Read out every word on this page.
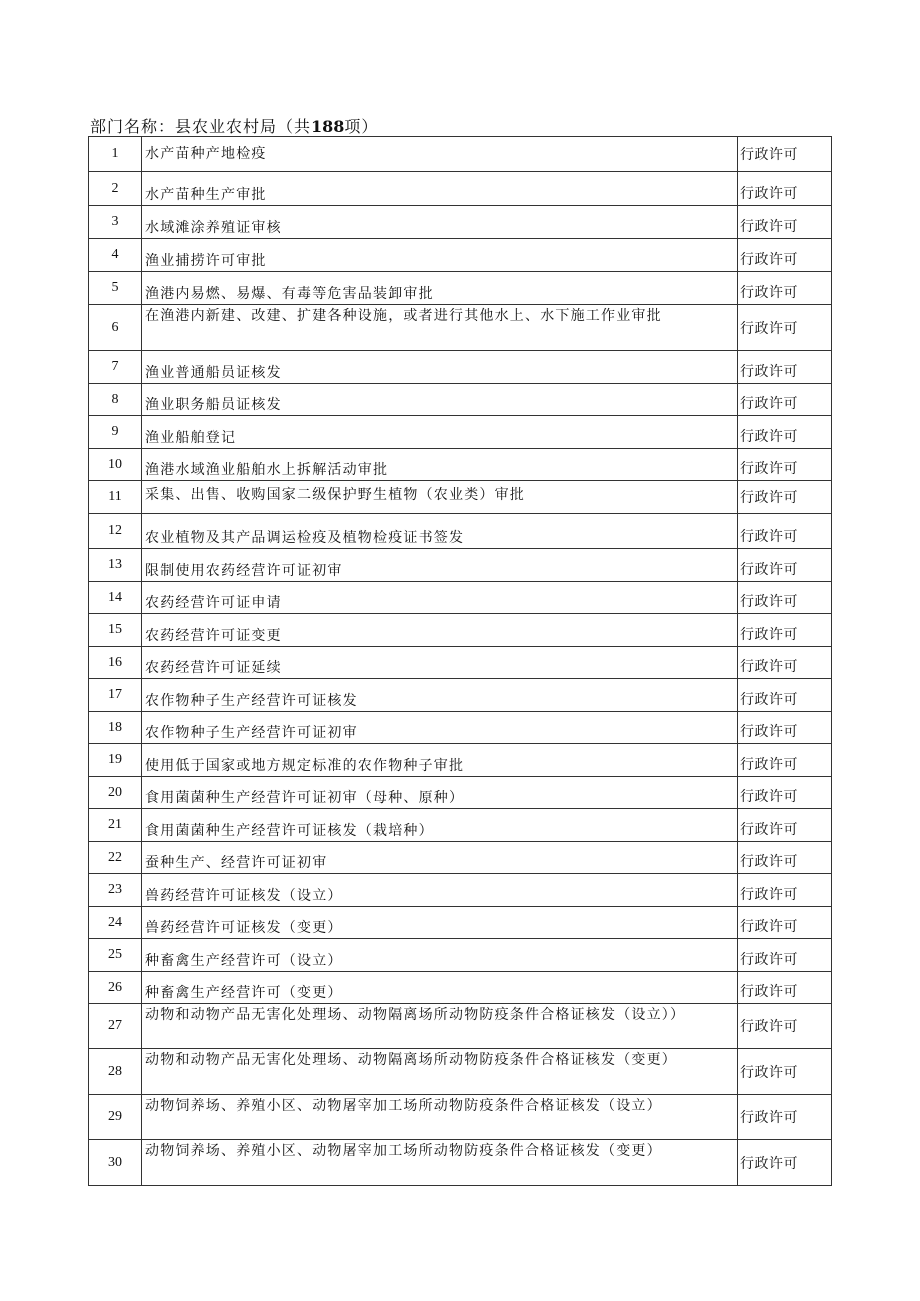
部门名称：县农业农村局（共188项）
1	水产苗种产地检疫	行政许可
2	水产苗种生产审批	行政许可
3	水域滩涂养殖证审核	行政许可
4	渔业捕捞许可审批	行政许可
5	渔港内易燃、易爆、有毒等危害品装卸审批	行政许可
6	在渔港内新建、改建、扩建各种设施，或者进行其他水上、水下施工作业审批	行政许可
7	渔业普通船员证核发	行政许可
8	渔业职务船员证核发	行政许可
9	渔业船舶登记	行政许可
10	渔港水域渔业船舶水上拆解活动审批	行政许可
11	采集、出售、收购国家二级保护野生植物（农业类）审批	行政许可
12	农业植物及其产品调运检疫及植物检疫证书签发	行政许可
13	限制使用农药经营许可证初审	行政许可
14	农药经营许可证申请	行政许可
15	农药经营许可证变更	行政许可
16	农药经营许可证延续	行政许可
17	农作物种子生产经营许可证核发	行政许可
18	农作物种子生产经营许可证初审	行政许可
19	使用低于国家或地方规定标准的农作物种子审批	行政许可
20	食用菌菌种生产经营许可证初审（母种、原种）	行政许可
21	食用菌菌种生产经营许可证核发（栽培种）	行政许可
22	蚕种生产、经营许可证初审	行政许可
23	兽药经营许可证核发（设立）	行政许可
24	兽药经营许可证核发（变更）	行政许可
25	种畜禽生产经营许可（设立）	行政许可
26	种畜禽生产经营许可（变更）	行政许可
27	动物和动物产品无害化处理场、动物隔离场所动物防疫条件合格证核发（设立））	行政许可
28	动物和动物产品无害化处理场、动物隔离场所动物防疫条件合格证核发（变更）	行政许可
29	动物饲养场、养殖小区、动物屠宰加工场所动物防疫条件合格证核发（设立）	行政许可
30	动物饲养场、养殖小区、动物屠宰加工场所动物防疫条件合格证核发（变更）	行政许可
